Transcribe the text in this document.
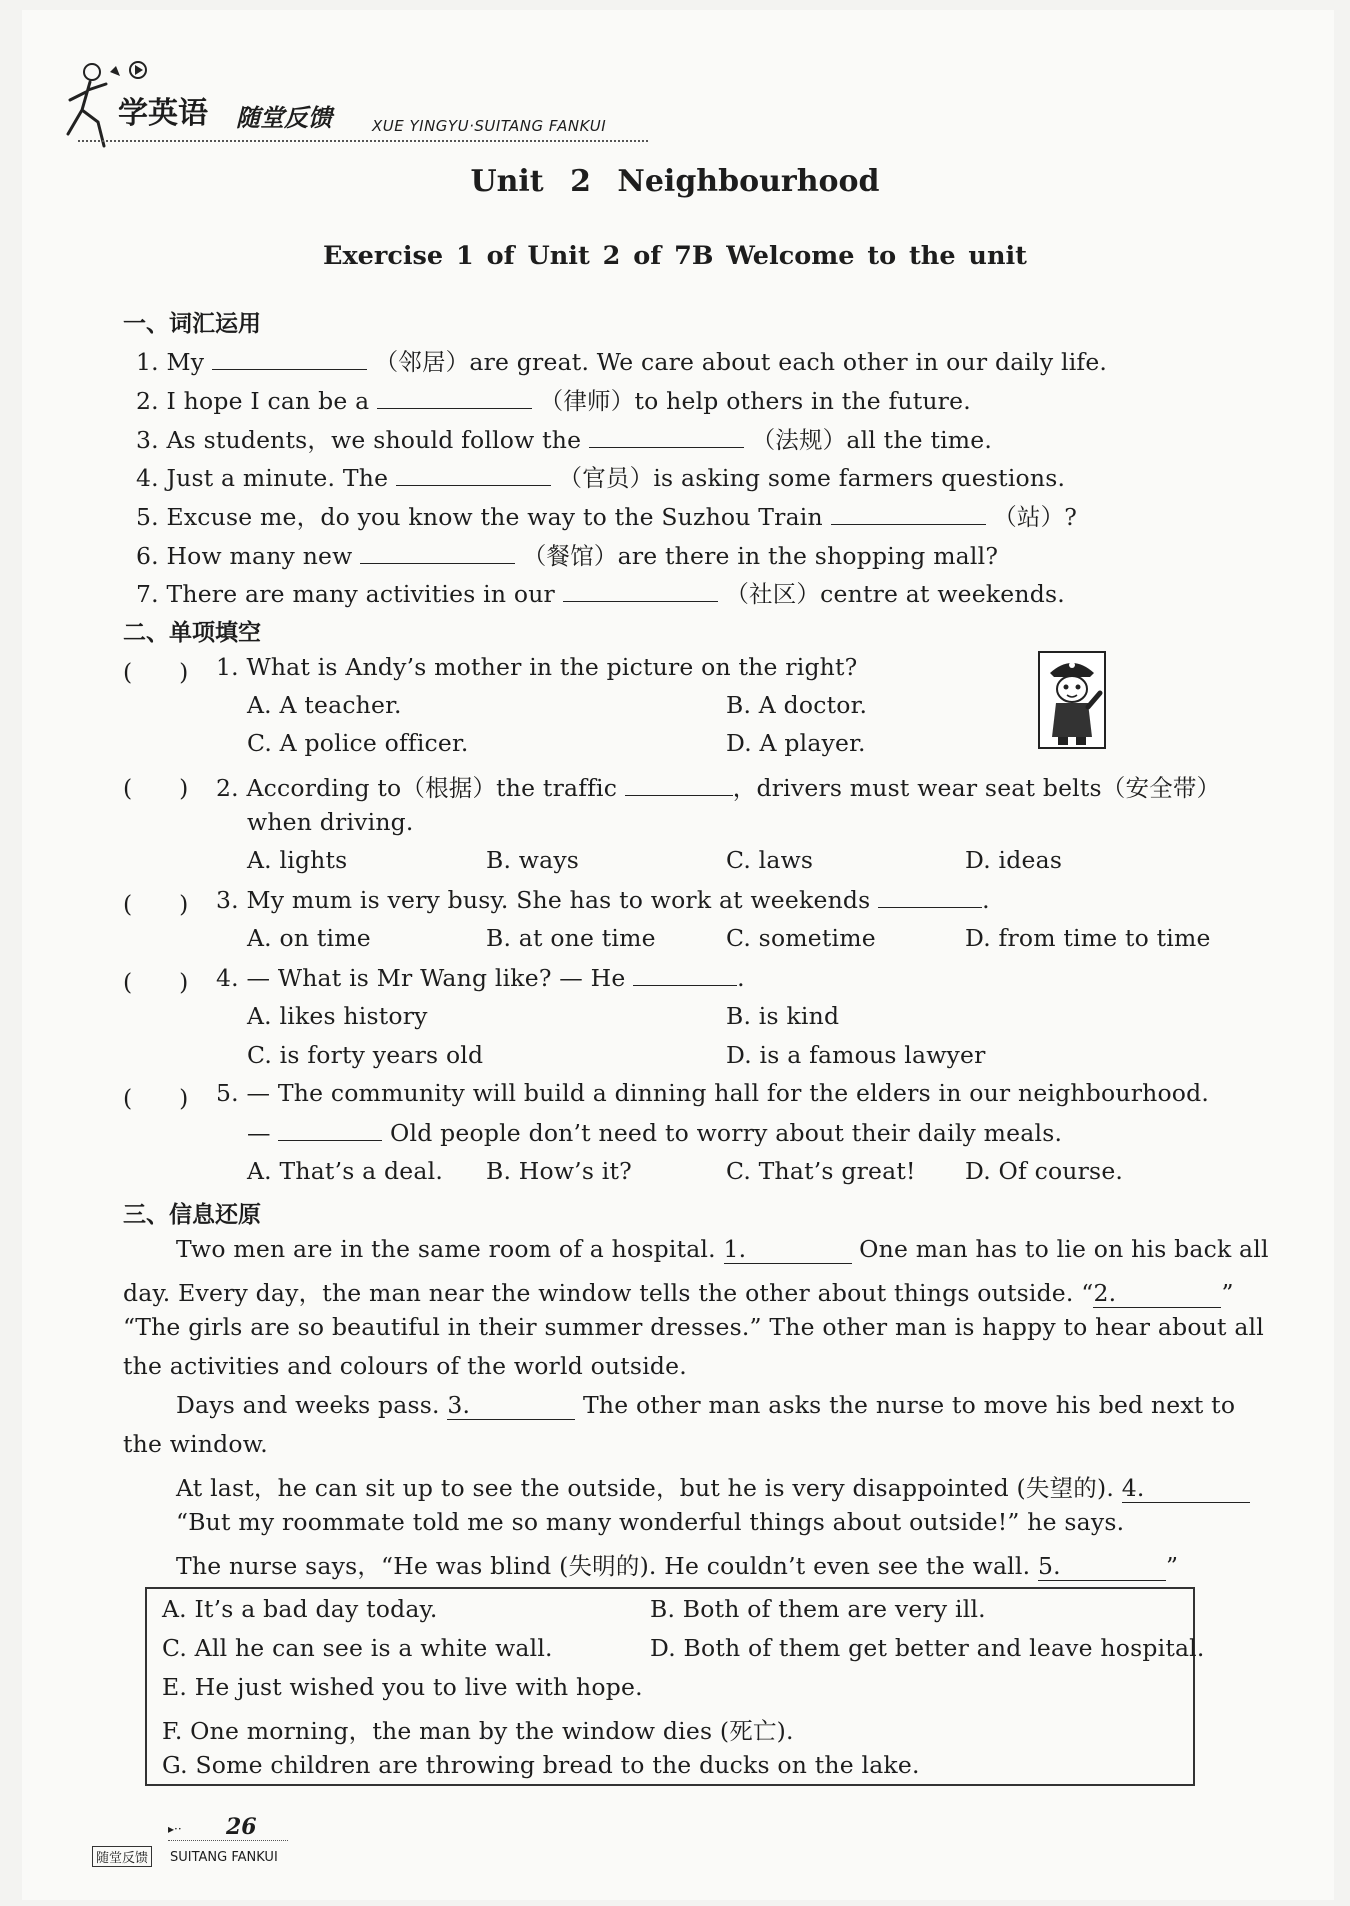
学英语 随堂反馈	XUE YINGYU·SUITANG FANKUI
Unit 2 Neighbourhood
Exercise 1 of Unit 2 of 7B Welcome to the unit
一、词汇运用
1. My	（邻居）are great. We care about each other in our daily life.
2. I hope I can be a	（律师）to help others in the future.
3. As students，we should follow the	（法规）all the time.
4. Just a minute. The	（官员）is asking some farmers questions.
5. Excuse me，do you know the way to the Suzhou Train	（站）?
6. How many new	（餐馆）are there in the shopping mall?
7. There are many activities in our	（社区）centre at weekends.
二、单项填空
(　　) 1. What is Andy’s mother in the picture on the right?
A. A teacher.	B. A doctor.
C. A police officer.	D. A player.
(　　) 2. According to（根据）the traffic	，drivers must wear seat belts（安全带）
when driving.
A. lights	B. ways	C. laws	D. ideas
(　　) 3. My mum is very busy. She has to work at weekends	.
A. on time	B. at one time	C. sometime	D. from time to time
(　　) 4. — What is Mr Wang like? — He	.
A. likes history	B. is kind
C. is forty years old	D. is a famous lawyer
(　　) 5. — The community will build a dinning hall for the elders in our neighbourhood.
—	Old people don’t need to worry about their daily meals.
A. That’s a deal. B. How’s it?	C. That’s great! D. Of course.
三、信息还原
Two men are in the same room of a hospital. 1.	One man has to lie on his back all
day. Every day，the man near the window tells the other about things outside. “2.	”
“The girls are so beautiful in their summer dresses.” The other man is happy to hear about all
the activities and colours of the world outside.
Days and weeks pass. 3.	The other man asks the nurse to move his bed next to
the window.
At last，he can sit up to see the outside，but he is very disappointed (失望的). 4.
“But my roommate told me so many wonderful things about outside!” he says.
The nurse says，“He was blind (失明的). He couldn’t even see the wall. 5.	”
A. It’s a bad day today.	B. Both of them are very ill.
C. All he can see is a white wall.	D. Both of them get better and leave hospital.
E. He just wished you to live with hope.
F. One morning，the man by the window dies (死亡).
G. Some children are throwing bread to the ducks on the lake.
▸·· 26
随堂反馈	SUITANG FANKUI
